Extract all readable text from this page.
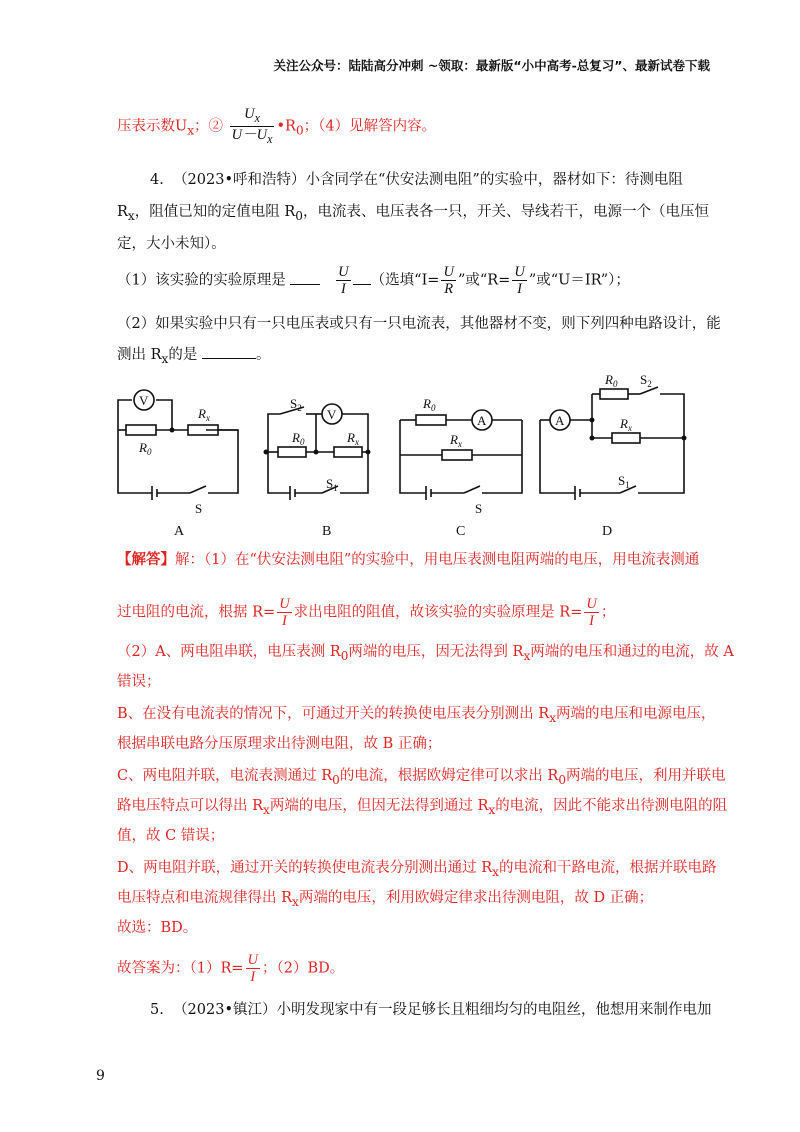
关注公众号：陆陆高分冲刺 ~领取：最新版“小中高考-总复习”、最新试卷下载
压表示数$U_x$；② $\frac{U_x}{U-U_x}$ $•R_0$；（4）见解答内容。
4. （2023•呼和浩特）小含同学在“伏安法测电阻”的实验中，器材如下：待测电阻
$R_x$，阻值已知的定值电阻 $R_0$，电流表、电压表各一只，开关、导线若干，电源一个（电压恒
定，大小未知）。
（1）该实验的实验原理是	$\frac{U}{I}$ （选填“$I= \frac{U}{R}$ ”或“$R= \frac{U}{I}$ ”或“U＝IR”）；
（2）如果实验中只有一只电压表或只有一只电流表，其他器材不变，则下列四种电路设计，能
测出 $R_x$的是	。
V
$R_0$
$R_x$
S
V
$S_2$
$R_0$	$R_x$
$S_1$
A
$R_0$
$R_x$
S
A
$R_0$ $S_2$
$R_x$
$S_1$
A	B	C	D
【解答】解：（1）在“伏安法测电阻”的实验中，用电压表测电阻两端的电压，用电流表测通
过电阻的电流，根据 $R= \frac{U}{I}$ 求出电阻的阻值，故该实验的实验原理是 $R= \frac{U}{I}$ ；
（2）A、两电阻串联，电压表测 $R_0$两端的电压，因无法得到 $R_x$两端的电压和通过的电流，故 A
错误；
B、在没有电流表的情况下，可通过开关的转换使电压表分别测出 $R_x$两端的电压和电源电压，
根据串联电路分压原理求出待测电阻，故 B 正确；
C、两电阻并联，电流表测通过 $R_0$的电流，根据欧姆定律可以求出 $R_0$两端的电压，利用并联电
路电压特点可以得出 $R_x$两端的电压，但因无法得到通过 $R_x$的电流，因此不能求出待测电阻的阻
值，故 C 错误；
D、两电阻并联，通过开关的转换使电流表分别测出通过 $R_x$的电流和干路电流，根据并联电路
电压特点和电流规律得出 $R_x$两端的电压，利用欧姆定律求出待测电阻，故 D 正确；
故选：BD。
故答案为：$(1)R= \frac{U}{I}$ ；（2）BD。
5. （2023•镇江）小明发现家中有一段足够长且粗细均匀的电阻丝，他想用来制作电加
9
